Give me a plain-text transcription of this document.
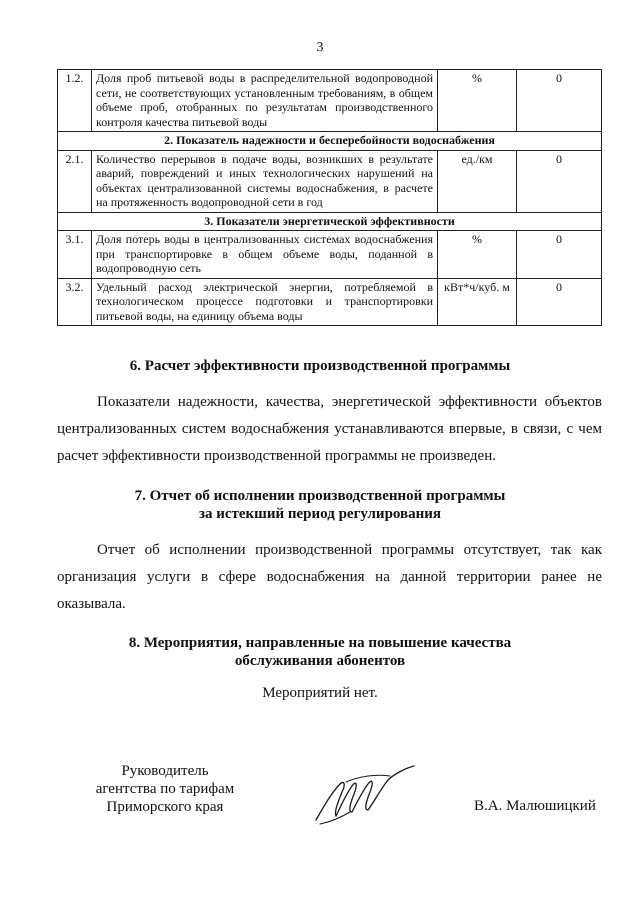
3
1.2.	Доля проб питьевой воды в распределительной водопроводной сети, не соответствующих установленным требованиям, в общем объеме проб, отобранных по результатам производственного контроля качества питьевой воды	%	0
2. Показатель надежности и бесперебойности водоснабжения			
2.1.	Количество перерывов в подаче воды, возникших в результате аварий, повреждений и иных технологических нарушений на объектах централизованной системы водоснабжения, в расчете на протяженность водопроводной сети в год	ед./км	0
3. Показатели энергетической эффективности			
3.1.	Доля потерь воды в централизованных системах водоснабжения при транспортировке в общем объеме воды, поданной в водопроводную сеть	%	0
3.2.	Удельный расход электрической энергии, потребляемой в технологическом процессе подготовки и транспортировки питьевой воды, на единицу объема воды	кВт*ч/куб. м	0
6. Расчет эффективности производственной программы

Показатели надежности, качества, энергетической эффективности объектов централизованных систем водоснабжения устанавливаются впервые, в связи, с чем расчет эффективности производственной программы не произведен.

7. Отчет об исполнении производственной программы
за истекший период регулирования

Отчет об исполнении производственной программы отсутствует, так как организация услуги в сфере водоснабжения на данной территории ранее не оказывала.

8. Мероприятия, направленные на повышение качества
обслуживания абонентов
Мероприятий нет.
Руководитель
агентства по тарифам
Приморского края	В.А. Малюшицкий
